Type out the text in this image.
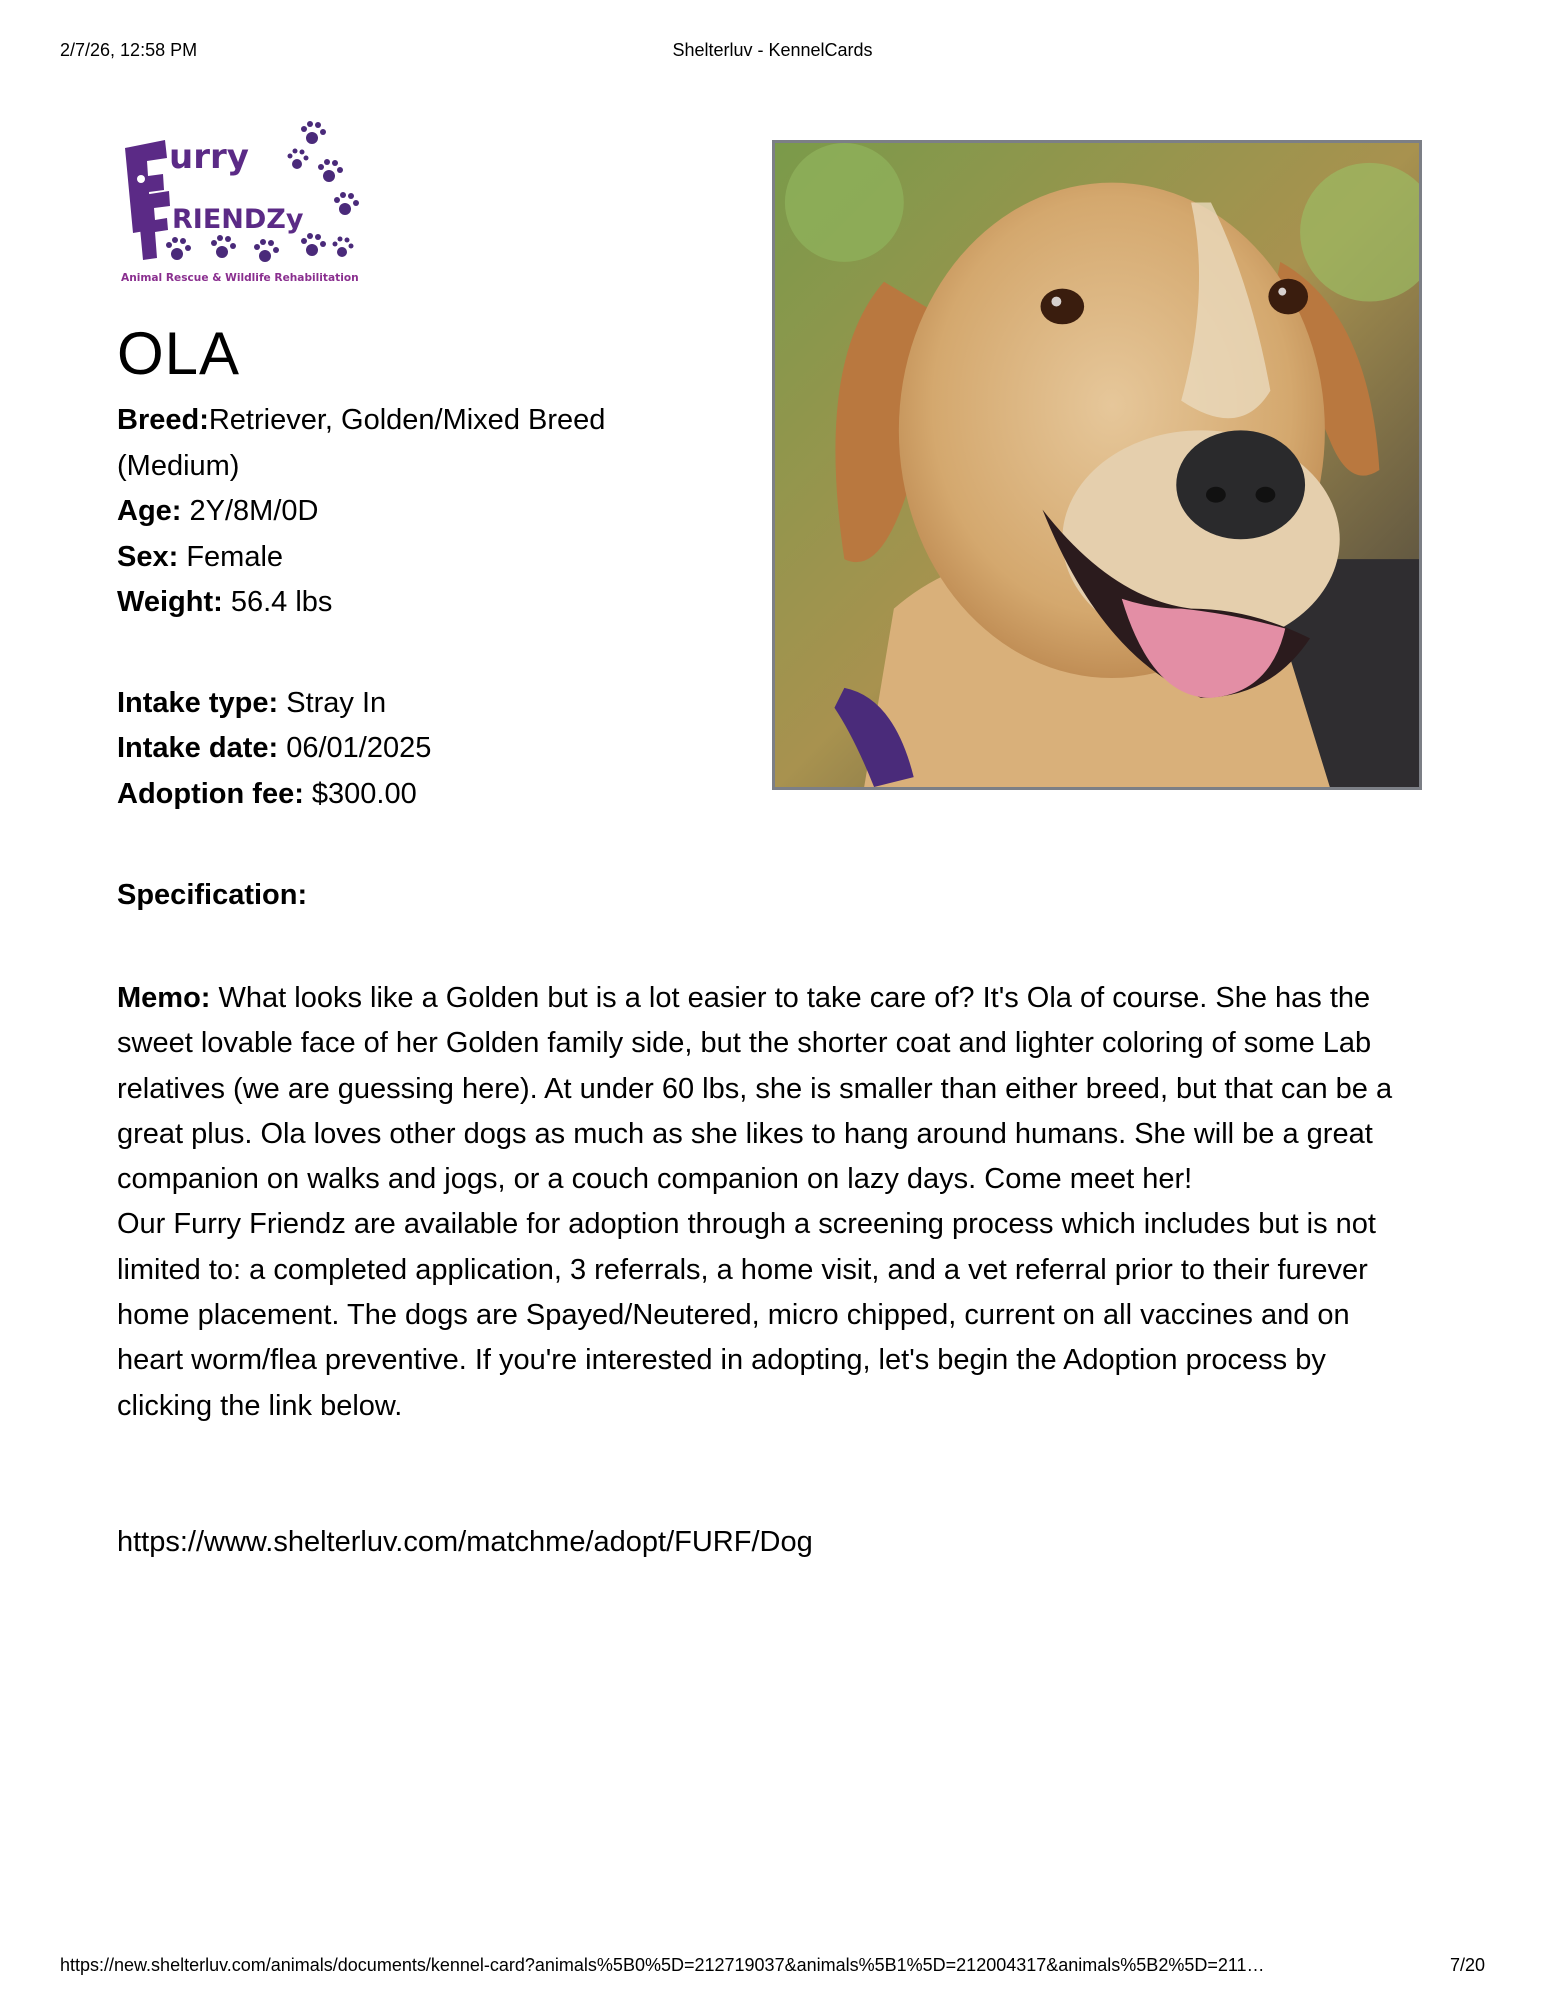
2/7/26, 12:58 PM	Shelterluv - KennelCards
urry
RIENDZy
Animal Rescue & Wildlife Rehabilitation
OLA

Breed:Retriever, Golden/Mixed Breed (Medium)

Age: 2Y/8M/0D

Sex: Female

Weight: 56.4 lbs

Intake type: Stray In

Intake date: 06/01/2025

Adoption fee: $300.00

Specification:

Memo: What looks like a Golden but is a lot easier to take care of? It's Ola of course. She has the sweet lovable face of her Golden family side, but the shorter coat and lighter coloring of some Lab relatives (we are guessing here). At under 60 lbs, she is smaller than either breed, but that can be a great plus. Ola loves other dogs as much as she likes to hang around humans. She will be a great companion on walks and jogs, or a couch companion on lazy days. Come meet her!

Our Furry Friendz are available for adoption through a screening process which includes but is not limited to: a completed application, 3 referrals, a home visit, and a vet referral prior to their furever home placement. The dogs are Spayed/Neutered, micro chipped, current on all vaccines and on heart worm/flea preventive. If you're interested in adopting, let's begin the Adoption process by clicking the link below.

https://www.shelterluv.com/matchme/adopt/FURF/Dog
https://new.shelterluv.com/animals/documents/kennel-card?animals%5B0%5D=212719037&animals%5B1%5D=212004317&animals%5B2%5D=211…	7/20
